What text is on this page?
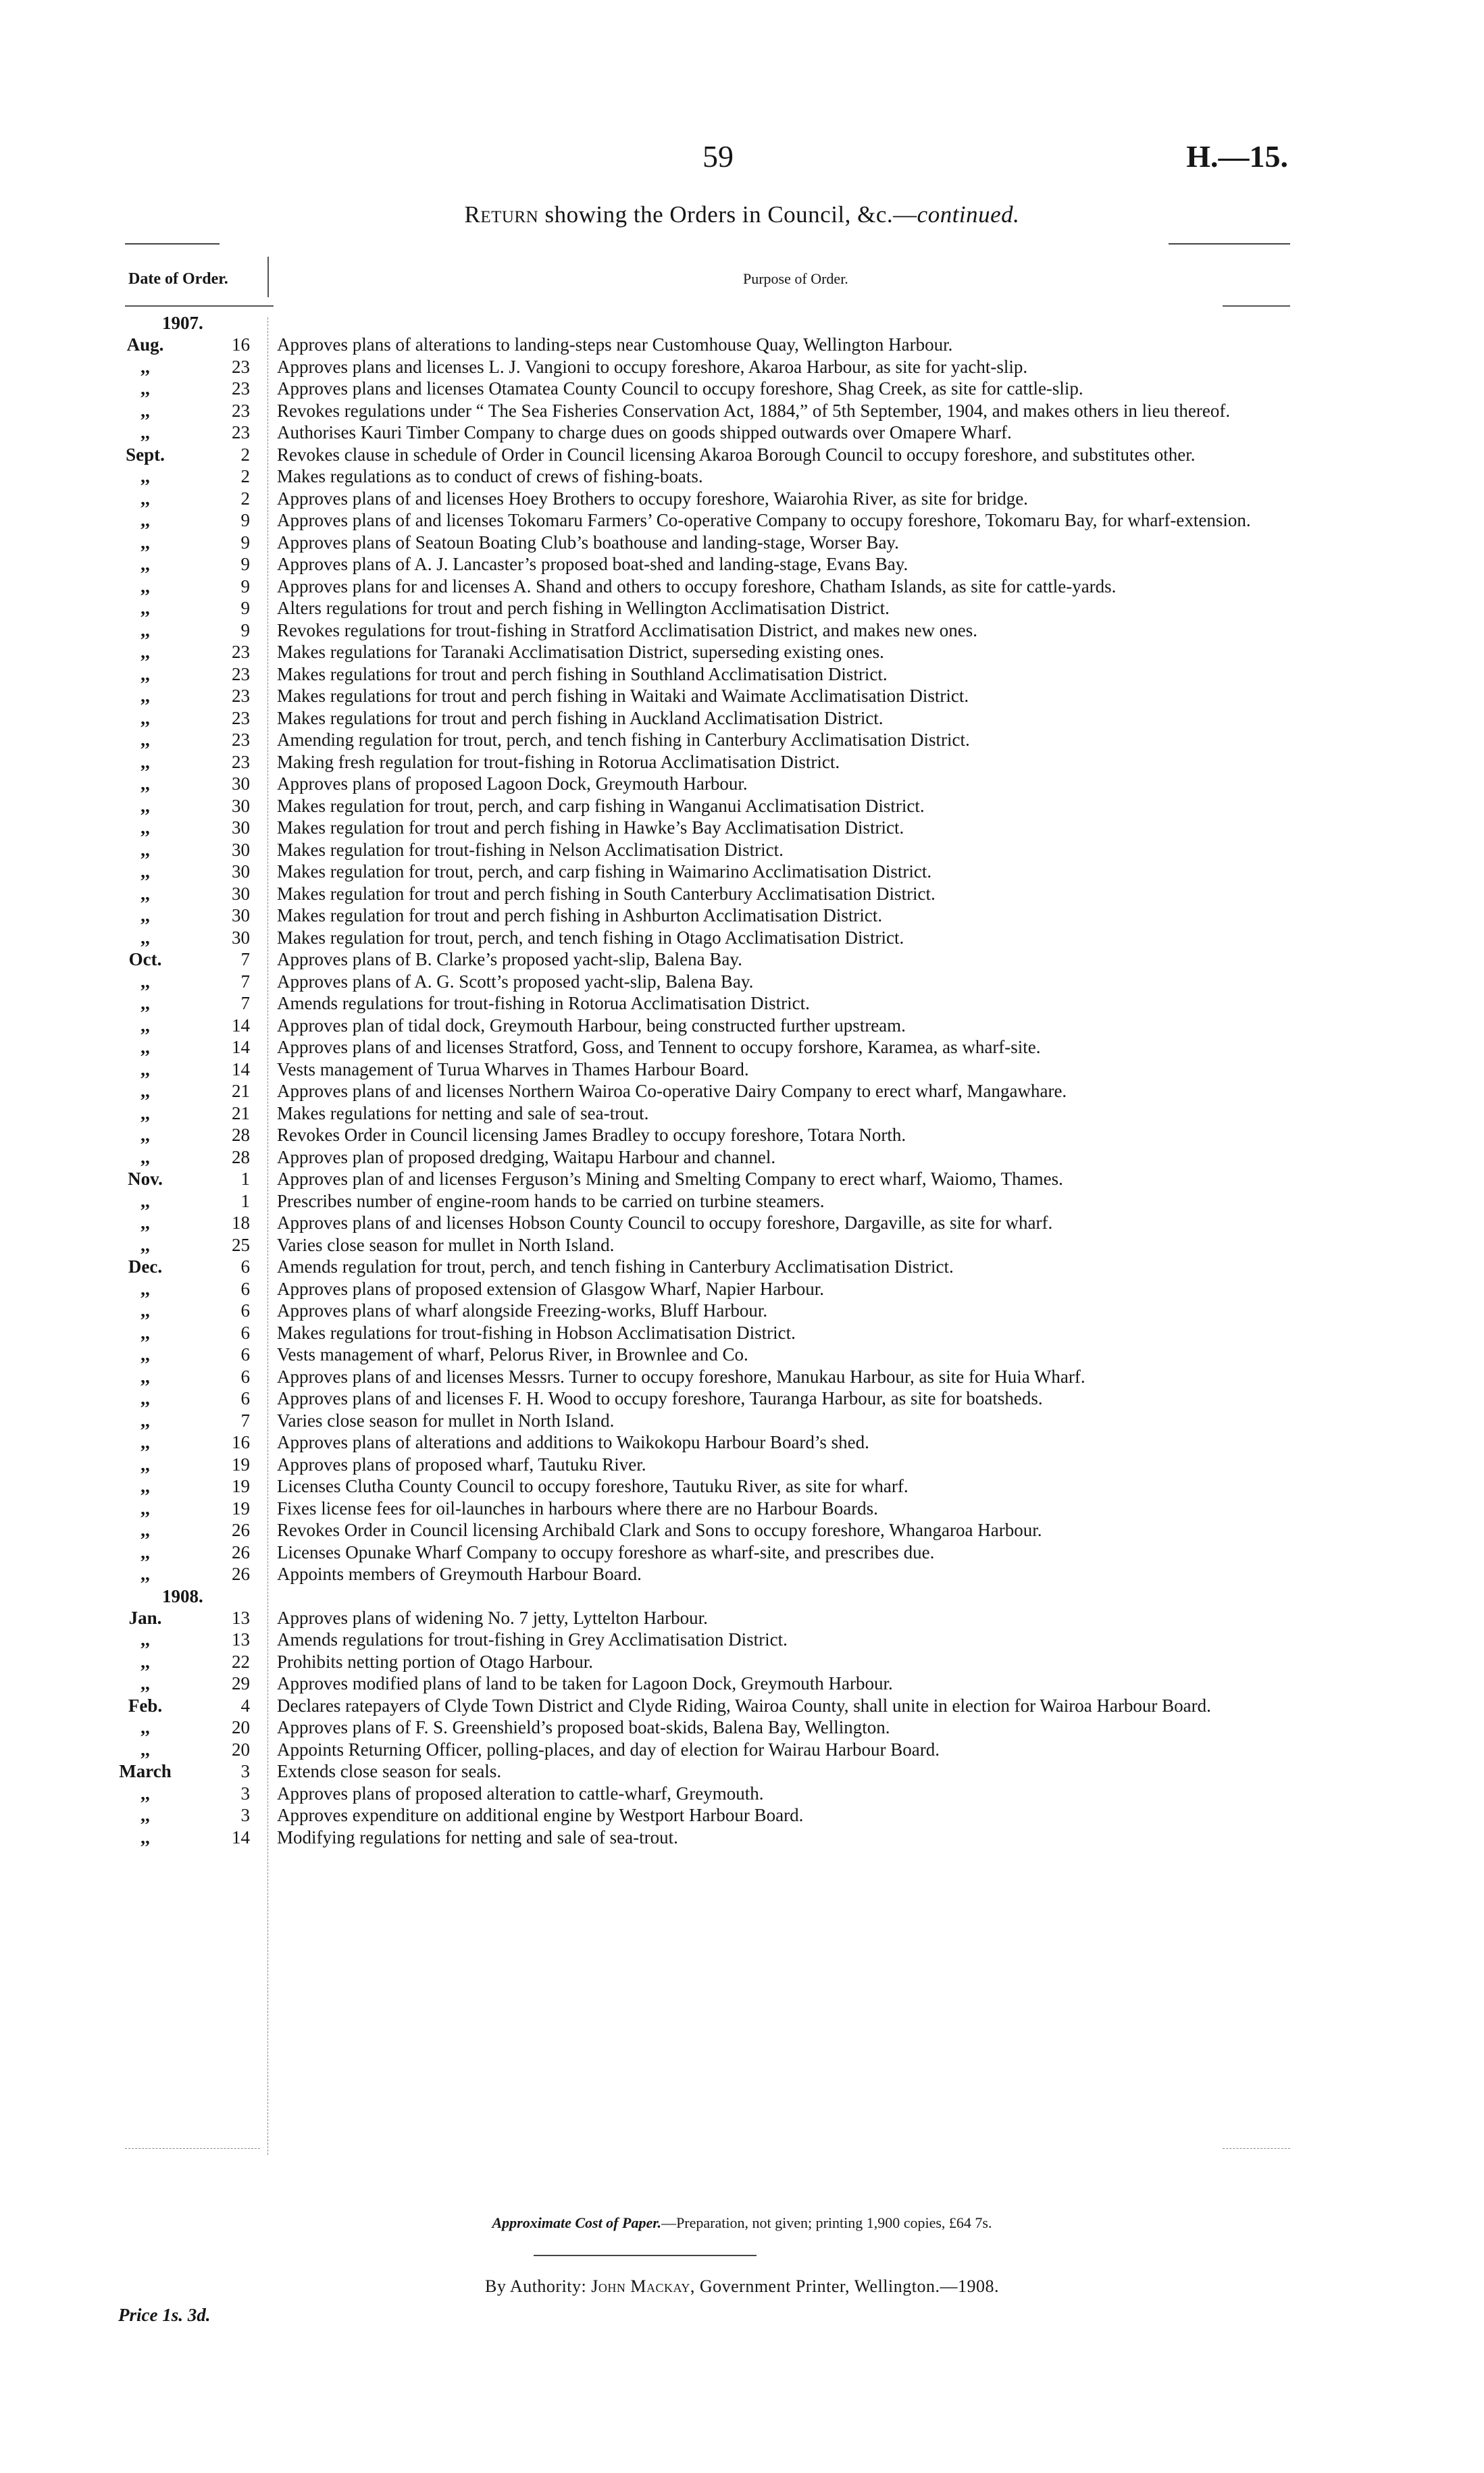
59	H.—15.
Return showing the Orders in Council, &c.—continued.
Date of Order.	Purpose of Order.
1907.
Aug.	16 Approves plans of alterations to landing-steps near Customhouse Quay, Wellington Harbour.
,,	23 Approves plans and licenses L. J. Vangioni to occupy foreshore, Akaroa Harbour, as site for yacht-slip.
,,	23 Approves plans and licenses Otamatea County Council to occupy foreshore, Shag Creek, as site for cattle-slip.
,,	23 Revokes regulations under “ The Sea Fisheries Conservation Act, 1884,” of 5th September, 1904, and makes others in lieu thereof.
,,	23 Authorises Kauri Timber Company to charge dues on goods shipped outwards over Omapere Wharf.
Sept.	2 Revokes clause in schedule of Order in Council licensing Akaroa Borough Council to occupy foreshore, and substitutes other.
,,	2 Makes regulations as to conduct of crews of fishing-boats.
,,	2 Approves plans of and licenses Hoey Brothers to occupy foreshore, Waiarohia River, as site for bridge.
,,	9 Approves plans of and licenses Tokomaru Farmers’ Co-operative Company to occupy foreshore, Tokomaru Bay, for wharf-extension.
,,	9 Approves plans of Seatoun Boating Club’s boathouse and landing-stage, Worser Bay.
,,	9 Approves plans of A. J. Lancaster’s proposed boat-shed and landing-stage, Evans Bay.
,,	9 Approves plans for and licenses A. Shand and others to occupy foreshore, Chatham Islands, as site for cattle-yards.
,,	9 Alters regulations for trout and perch fishing in Wellington Acclimatisation District.
,,	9 Revokes regulations for trout-fishing in Stratford Acclimatisation District, and makes new ones.
,,	23 Makes regulations for Taranaki Acclimatisation District, superseding existing ones.
,,	23 Makes regulations for trout and perch fishing in Southland Acclimatisation District.
,,	23 Makes regulations for trout and perch fishing in Waitaki and Waimate Acclimatisation District.
,,	23 Makes regulations for trout and perch fishing in Auckland Acclimatisation District.
,,	23 Amending regulation for trout, perch, and tench fishing in Canterbury Acclimatisation District.
,,	23 Making fresh regulation for trout-fishing in Rotorua Acclimatisation District.
,,	30 Approves plans of proposed Lagoon Dock, Greymouth Harbour.
,,	30 Makes regulation for trout, perch, and carp fishing in Wanganui Acclimatisation District.
,,	30 Makes regulation for trout and perch fishing in Hawke’s Bay Acclimatisation District.
,,	30 Makes regulation for trout-fishing in Nelson Acclimatisation District.
,,	30 Makes regulation for trout, perch, and carp fishing in Waimarino Acclimatisation District.
,,	30 Makes regulation for trout and perch fishing in South Canterbury Acclimatisation District.
,,	30 Makes regulation for trout and perch fishing in Ashburton Acclimatisation District.
,,	30 Makes regulation for trout, perch, and tench fishing in Otago Acclimatisation District.
Oct.	7 Approves plans of B. Clarke’s proposed yacht-slip, Balena Bay.
,,	7 Approves plans of A. G. Scott’s proposed yacht-slip, Balena Bay.
,,	7 Amends regulations for trout-fishing in Rotorua Acclimatisation District.
,,	14 Approves plan of tidal dock, Greymouth Harbour, being constructed further upstream.
,,	14 Approves plans of and licenses Stratford, Goss, and Tennent to occupy forshore, Karamea, as wharf-site.
,,	14 Vests management of Turua Wharves in Thames Harbour Board.
,,	21 Approves plans of and licenses Northern Wairoa Co-operative Dairy Company to erect wharf, Mangawhare.
,,	21 Makes regulations for netting and sale of sea-trout.
,,	28 Revokes Order in Council licensing James Bradley to occupy foreshore, Totara North.
,,	28 Approves plan of proposed dredging, Waitapu Harbour and channel.
Nov.	1 Approves plan of and licenses Ferguson’s Mining and Smelting Company to erect wharf, Waiomo, Thames.
,,	1 Prescribes number of engine-room hands to be carried on turbine steamers.
,,	18 Approves plans of and licenses Hobson County Council to occupy foreshore, Dargaville, as site for wharf.
,,	25 Varies close season for mullet in North Island.
Dec.	6 Amends regulation for trout, perch, and tench fishing in Canterbury Acclimatisation District.
,,	6 Approves plans of proposed extension of Glasgow Wharf, Napier Harbour.
,,	6 Approves plans of wharf alongside Freezing-works, Bluff Harbour.
,,	6 Makes regulations for trout-fishing in Hobson Acclimatisation District.
,,	6 Vests management of wharf, Pelorus River, in Brownlee and Co.
,,	6 Approves plans of and licenses Messrs. Turner to occupy foreshore, Manukau Harbour, as site for Huia Wharf.
,,	6 Approves plans of and licenses F. H. Wood to occupy foreshore, Tauranga Harbour, as site for boatsheds.
,,	7 Varies close season for mullet in North Island.
,,	16 Approves plans of alterations and additions to Waikokopu Harbour Board’s shed.
,,	19 Approves plans of proposed wharf, Tautuku River.
,,	19 Licenses Clutha County Council to occupy foreshore, Tautuku River, as site for wharf.
,,	19 Fixes license fees for oil-launches in harbours where there are no Harbour Boards.
,,	26 Revokes Order in Council licensing Archibald Clark and Sons to occupy foreshore, Whangaroa Harbour.
,,	26 Licenses Opunake Wharf Company to occupy foreshore as wharf-site, and prescribes due.
,,	26 Appoints members of Greymouth Harbour Board.
1908.
Jan.	13 Approves plans of widening No. 7 jetty, Lyttelton Harbour.
,,	13 Amends regulations for trout-fishing in Grey Acclimatisation District.
,,	22 Prohibits netting portion of Otago Harbour.
,,	29 Approves modified plans of land to be taken for Lagoon Dock, Greymouth Harbour.
Feb.	4 Declares ratepayers of Clyde Town District and Clyde Riding, Wairoa County, shall unite in election for Wairoa Harbour Board.
,,	20 Approves plans of F. S. Greenshield’s proposed boat-skids, Balena Bay, Wellington.
,,	20 Appoints Returning Officer, polling-places, and day of election for Wairau Harbour Board.
March	3 Extends close season for seals.
,,	3 Approves plans of proposed alteration to cattle-wharf, Greymouth.
,,	3 Approves expenditure on additional engine by Westport Harbour Board.
,,	14 Modifying regulations for netting and sale of sea-trout.
Approximate Cost of Paper.—Preparation, not given; printing 1,900 copies, £64 7s.
By Authority: John Mackay, Government Printer, Wellington.—1908.
Price 1s. 3d.
